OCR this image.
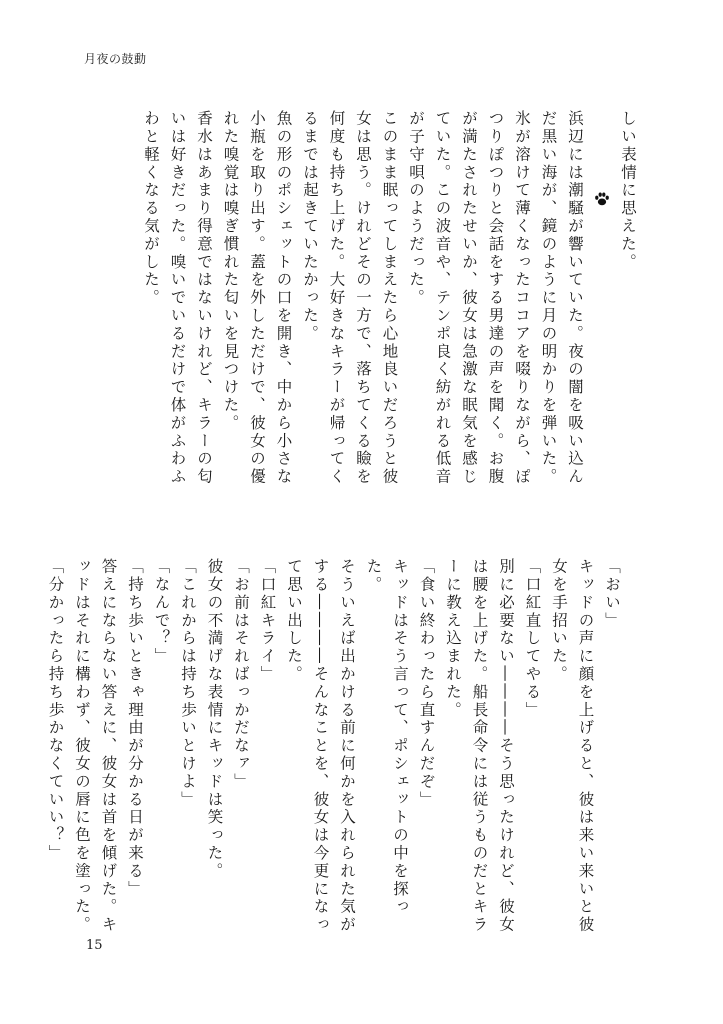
月夜の鼓動

しい表情に思えた。

浜辺には潮騒が響いていた。夜の闇を吸い込んだ黒い海が、鏡のように月の明かりを弾いた。

氷が溶けて薄くなったココアを啜りながら、ぽつりぽつりと会話をする男達の声を聞く。お腹が満たされたせいか、彼女は急激な眠気を感じていた。この波音や、テンポ良く紡がれる低音が子守唄のようだった。

このまま眠ってしまえたら心地良いだろうと彼女は思う。けれどその一方で、落ちてくる瞼を何度も持ち上げた。大好きなキラーが帰ってくるまでは起きていたかった。

魚の形のポシェットの口を開き、中から小さな小瓶を取り出す。蓋を外しただけで、彼女の優れた嗅覚は嗅ぎ慣れた匂いを見つけた。

香水はあまり得意ではないけれど、キラーの匂いは好きだった。嗅いでいるだけで体がふわふわと軽くなる気がした。

「おい」

キッドの声に顔を上げると、彼は来い来いと彼女を手招いた。

「口紅直してやる」

別に必要ない――――そう思ったけれど、彼女は腰を上げた。船長命令には従うものだとキラーに教え込まれた。

「食い終わったら直すんだぞ」

キッドはそう言って、ポシェットの中を探った。

そういえば出かける前に何かを入れられた気がする――――そんなことを、彼女は今更になって思い出した。

「口紅キライ」

「お前はそればっかだなァ」

彼女の不満げな表情にキッドは笑った。

「これからは持ち歩いとけよ」

「なんで？」

「持ち歩いときゃ理由が分かる日が来る」

答えにならない答えに、彼女は首を傾げた。キッドはそれに構わず、彼女の唇に色を塗った。

「分かったら持ち歩かなくていい？」

15
